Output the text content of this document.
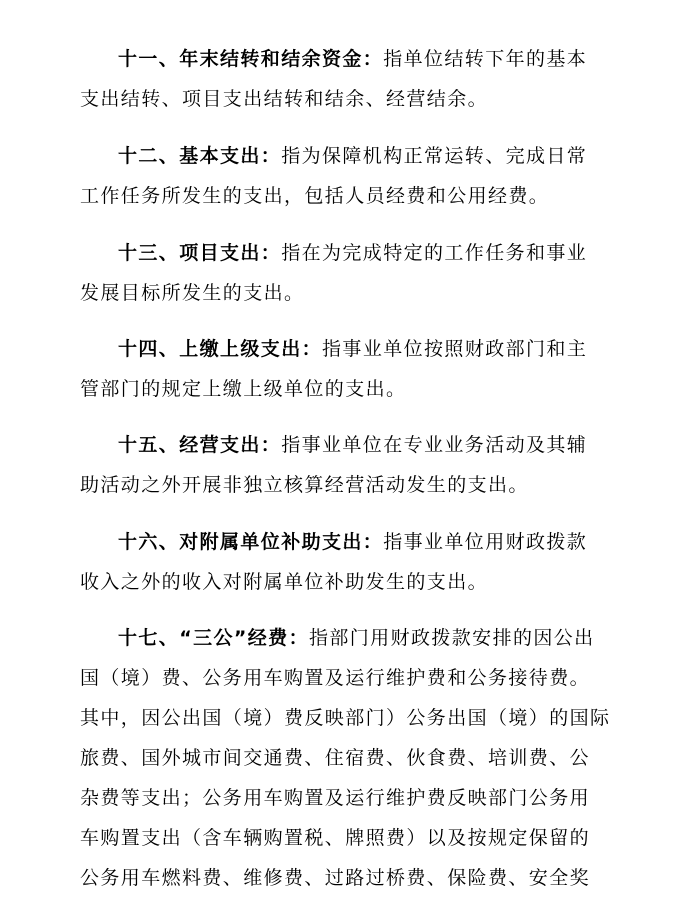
十一、年末结转和结余资金：指单位结转下年的基本
支出结转、项目支出结转和结余、经营结余。

十二、基本支出：指为保障机构正常运转、完成日常
工作任务所发生的支出，包括人员经费和公用经费。

十三、项目支出：指在为完成特定的工作任务和事业
发展目标所发生的支出。

十四、上缴上级支出：指事业单位按照财政部门和主
管部门的规定上缴上级单位的支出。

十五、经营支出：指事业单位在专业业务活动及其辅
助活动之外开展非独立核算经营活动发生的支出。

十六、对附属单位补助支出：指事业单位用财政拨款
收入之外的收入对附属单位补助发生的支出。

十七、“三公”经费：指部门用财政拨款安排的因公出
国（境）费、公务用车购置及运行维护费和公务接待费。
其中，因公出国（境）费反映部门）公务出国（境）的国际
旅费、国外城市间交通费、住宿费、伙食费、培训费、公
杂费等支出；公务用车购置及运行维护费反映部门公务用
车购置支出（含车辆购置税、牌照费）以及按规定保留的
公务用车燃料费、维修费、过路过桥费、保险费、安全奖
